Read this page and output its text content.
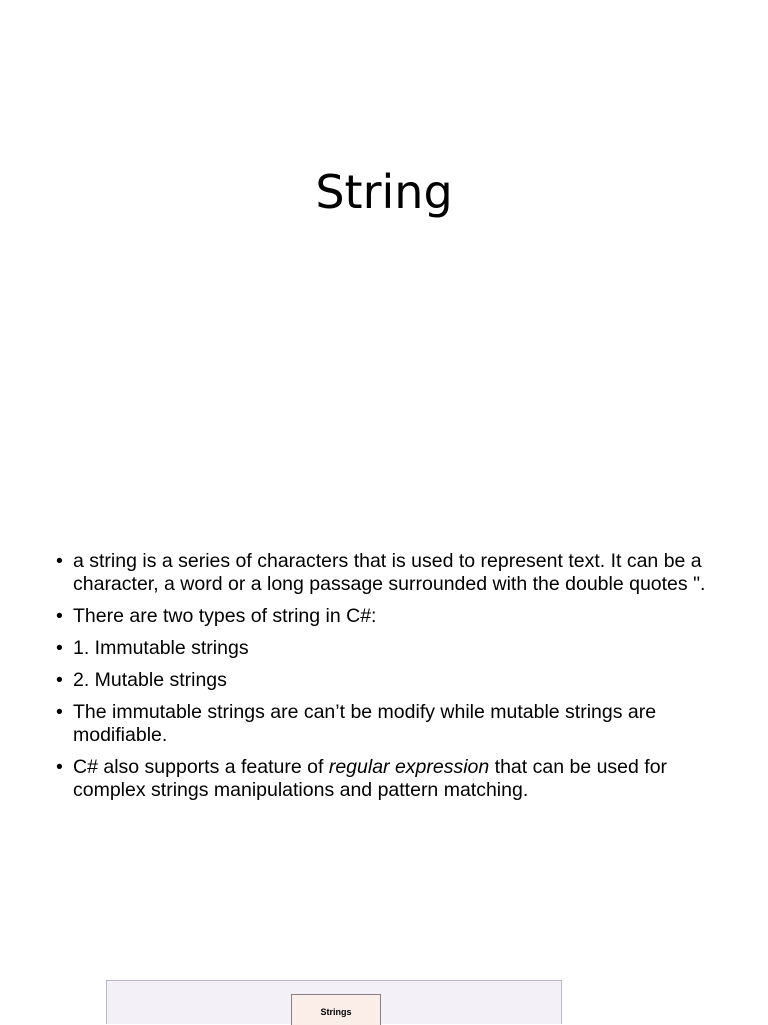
String
• a string is a series of characters that is used to represent text. It can be a character, a word or a long passage surrounded with the double quotes ".
• There are two types of string in C#:
• 1. Immutable strings
• 2. Mutable strings
• The immutable strings are can’t be modify while mutable strings are modifiable.
• C# also supports a feature of regular expression that can be used for complex strings manipulations and pattern matching.
Strings
